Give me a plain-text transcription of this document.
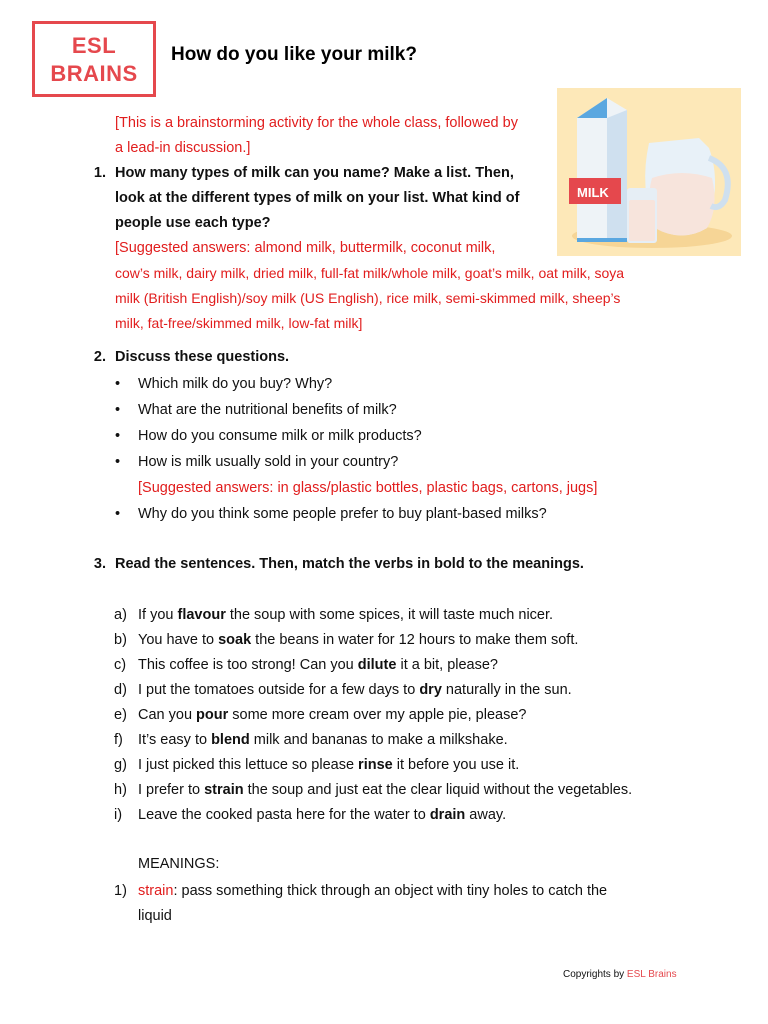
ESL
BRAINS
How do you like your milk?
MILK
[This is a brainstorming activity for the whole class, followed by
a lead-in discussion.]
1. How many types of milk can you name? Make a list. Then,
look at the different types of milk on your list. What kind of
people use each type?
[Suggested answers: almond milk, buttermilk, coconut milk,
cow’s milk, dairy milk, dried milk, full-fat milk/whole milk, goat’s milk, oat milk, soya
milk (British English)/soy milk (US English), rice milk, semi-skimmed milk, sheep’s
milk, fat-free/skimmed milk, low-fat milk]
2. Discuss these questions.
•	Which milk do you buy? Why?
•	What are the nutritional benefits of milk?
•	How do you consume milk or milk products?
•	How is milk usually sold in your country?
[Suggested answers: in glass/plastic bottles, plastic bags, cartons, jugs]
•	Why do you think some people prefer to buy plant-based milks?
3. Read the sentences. Then, match the verbs in bold to the meanings.
a) If you flavour the soup with some spices, it will taste much nicer.
b) You have to soak the beans in water for 12 hours to make them soft.
c) This coffee is too strong! Can you dilute it a bit, please?
d) I put the tomatoes outside for a few days to dry naturally in the sun.
e) Can you pour some more cream over my apple pie, please?
f)	It’s easy to blend milk and bananas to make a milkshake.
g) I just picked this lettuce so please rinse it before you use it.
h) I prefer to strain the soup and just eat the clear liquid without the vegetables.
i)	Leave the cooked pasta here for the water to drain away.
MEANINGS:
1) strain: pass something thick through an object with tiny holes to catch the
liquid
Copyrights by ESL Brains
